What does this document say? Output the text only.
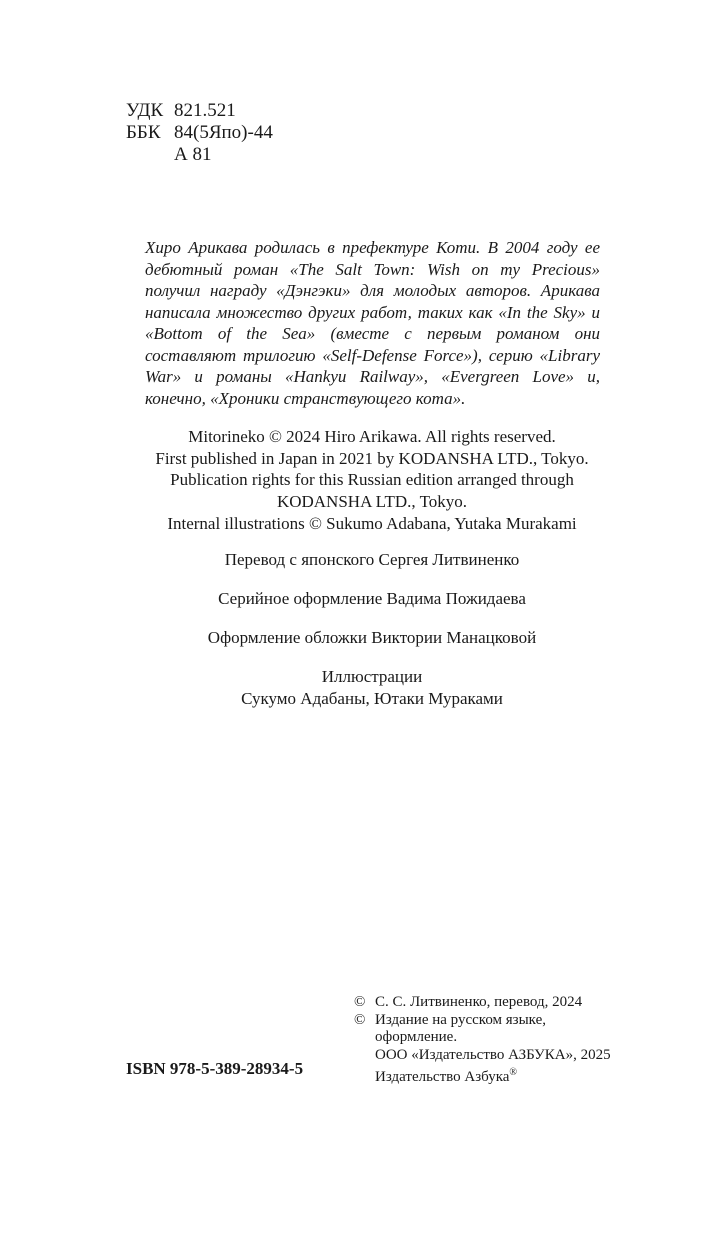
УДК 821.521
ББК 84(5Япо)-44
А 81

Хиро Арикава родилась в префектуре Коти. В 2004 году ее дебютный роман «The Salt Town: Wish on my Precious» получил награду «Дэнгэки» для молодых авторов. Арикава написала множество других работ, таких как «In the Sky» и «Bottom of the Sea» (вместе с первым романом они составляют трилогию «Self-Defense Force»), серию «Library War» и романы «Hankyu Railway», «Evergreen Love» и, конечно, «Хроники странствующего кота».

Mitorineko © 2024 Hiro Arikawa. All rights reserved.
First published in Japan in 2021 by KODANSHA LTD., Tokyo.
Publication rights for this Russian edition arranged through
KODANSHA LTD., Tokyo.
Internal illustrations © Sukumo Adabana, Yutaka Murakami
Перевод с японского Сергея Литвиненко
Серийное оформление Вадима Пожидаева
Оформление обложки Виктории Манацковой
Иллюстрации
Сукумо Адабаны, Ютаки Мураками
ISBN 978-5-389-28934-5
© С. С. Литвиненко, перевод, 2024
© Издание на русском языке,
оформление.
ООО «Издательство АЗБУКА», 2025
Издательство Азбука®
